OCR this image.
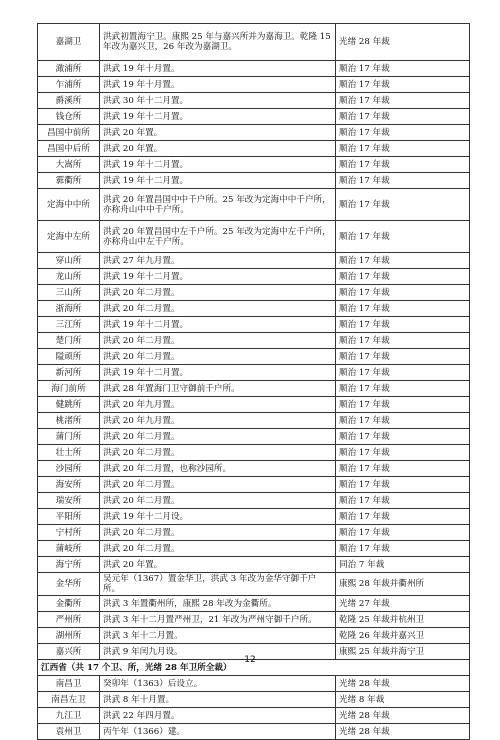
嘉湖卫	洪武初置海宁卫。康熙 25 年与嘉兴所并为嘉海卫。乾隆 15 年改为嘉兴卫，26 年改为嘉湖卫。	光绪 28 年裁
澉浦所	洪武 19 年十月置。	顺治 17 年裁
乍浦所	洪武 19 年十月置。	顺治 17 年裁
爵溪所	洪武 30 年十二月置。	顺治 17 年裁
钱仓所	洪武 19 年十二月置。	顺治 17 年裁
昌国中前所	洪武 20 年置。	顺治 17 年裁
昌国中后所	洪武 20 年置。	顺治 17 年裁
大嵩所	洪武 19 年十二月置。	顺治 17 年裁
霩衢所	洪武 19 年十二月置。	顺治 17 年裁
定海中中所	洪武 20 年置昌国中中千户所。25 年改为定海中中千户所，亦称舟山中中千户所。	顺治 17 年裁
定海中左所	洪武 20 年置昌国中左千户所。25 年改为定海中左千户所，亦称舟山中左千户所。	顺治 17 年裁
穿山所	洪武 27 年九月置。	顺治 17 年裁
龙山所	洪武 19 年十二月置。	顺治 17 年裁
三山所	洪武 20 年二月置。	顺治 17 年裁
浙海所	洪武 20 年二月置。	顺治 17 年裁
三江所	洪武 19 年十二月置。	顺治 17 年裁
楚门所	洪武 20 年二月置。	顺治 17 年裁
隘顽所	洪武 20 年二月置。	顺治 17 年裁
新河所	洪武 19 年十二月置。	顺治 17 年裁
海门前所	洪武 28 年置海门卫守御前千户所。	顺治 17 年裁
健跳所	洪武 20 年九月置。	顺治 17 年裁
桃渚所	洪武 20 年九月置。	顺治 17 年裁
蒲门所	洪武 20 年二月置。	顺治 17 年裁
壮士所	洪武 20 年二月置。	顺治 17 年裁
沙园所	洪武 20 年二月置，也称沙园所。	顺治 17 年裁
海安所	洪武 20 年二月置。	顺治 17 年裁
瑞安所	洪武 20 年二月置。	顺治 17 年裁
平阳所	洪武 19 年十二月设。	顺治 17 年裁
宁村所	洪武 20 年二月置。	顺治 17 年裁
蒲岐所	洪武 20 年二月置。	顺治 17 年裁
海宁所	洪武 20 年置。	同治 7 年裁
金华所	吴元年（1367）置金华卫，洪武 3 年改为金华守御千户所。	康熙 28 年裁并衢州所
金衢所	洪武 3 年置衢州所，康熙 28 年改为金衢所。	光绪 27 年裁
严州所	洪武 3 年十二月置严州卫，21 年改为严州守御千户所。	乾隆 25 年裁并杭州卫
湖州所	洪武 3 年十二月置。	乾隆 26 年裁并嘉兴卫
嘉兴所	洪武 9 年闰九月设。	康熙 25 年裁并海宁卫
江西省（共 17 个卫、所，光绪 28 年卫所全裁）		
南昌卫	癸卯年（1363）后设立。	光绪 28 年裁
南昌左卫	洪武 8 年十月置。	光绪 8 年裁
九江卫	洪武 22 年四月置。	光绪 28 年裁
袁州卫	丙午年（1366）建。	光绪 28 年裁
12
